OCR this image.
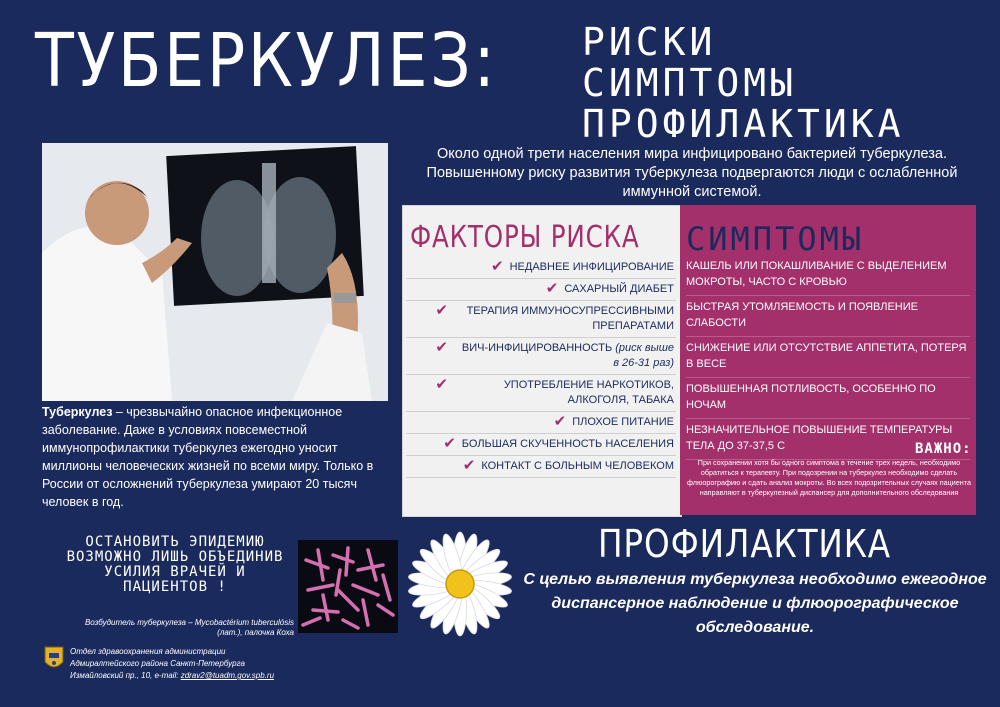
ТУБЕРКУЛЕЗ: РИСКИ
СИМПТОМЫ
ПРОФИЛАКТИКА
Около одной трети населения мира инфицировано бактерией туберкулеза. Повышенному риску развития туберкулеза подвергаются люди с ослабленной иммунной системой.
ФАКТОРЫ РИСКА СИМПТОМЫ
✔ НЕДАВНЕЕ ИНФИЦИРОВАНИЕ
✔ САХАРНЫЙ ДИАБЕТ
✔	ТЕРАПИЯ ИММУНОСУПРЕССИВНЫМИ ПРЕПАРАТАМИ
✔	ВИЧ-ИНФИЦИРОВАННОСТЬ (риск выше в 26-31 раз)
✔	УПОТРЕБЛЕНИЕ НАРКОТИКОВ, АЛКОГОЛЯ, ТАБАКА
✔ ПЛОХОЕ ПИТАНИЕ
✔ БОЛЬШАЯ СКУЧЕННОСТЬ НАСЕЛЕНИЯ
✔ КОНТАКТ С БОЛЬНЫМ ЧЕЛОВЕКОМ
КАШЕЛЬ ИЛИ ПОКАШЛИВАНИЕ С ВЫДЕЛЕНИЕМ МОКРОТЫ, ЧАСТО С КРОВЬЮ
БЫСТРАЯ УТОМЛЯЕМОСТЬ И ПОЯВЛЕНИЕ СЛАБОСТИ
СНИЖЕНИЕ ИЛИ ОТСУТСТВИЕ АППЕТИТА, ПОТЕРЯ В ВЕСЕ
ПОВЫШЕННАЯ ПОТЛИВОСТЬ, ОСОБЕННО ПО НОЧАМ
НЕЗНАЧИТЕЛЬНОЕ ПОВЫШЕНИЕ ТЕМПЕРАТУРЫ ТЕЛА ДО 37-37,5 С	ВАЖНО:
При сохранении хотя бы одного симптома в течение трех недель, необходимо обратиться к терапевту. При подозрении на туберкулез необходимо сделать флюорографию и сдать анализ мокроты. Во всех подозрительных случаях пациента направляют в туберкулезный диспансер для дополнительного обследования
Туберкулез – чрезвычайно опасное инфекционное заболевание. Даже в условиях повсеместной иммунопрофилактики туберкулез ежегодно уносит миллионы человеческих жизней по всеми миру. Только в России от осложнений туберкулеза умирают 20 тысяч человек в год.
ОСТАНОВИТЬ ЭПИДЕМИЮ ВОЗМОЖНО ЛИШЬ ОБЪЕДИНИВ УСИЛИЯ ВРАЧЕЙ И ПАЦИЕНТОВ !
Возбудитель туберкулеза – Mycobactérium tuberculósis (лат.), палочка Коха
Отдел здравоохранения администрации
Адмиралтейского района Санкт-Петербурга
Измайловский пр., 10, e-mail: zdrav2@tuadm.gov.spb.ru
ПРОФИЛАКТИКА
С целью выявления туберкулеза необходимо ежегодное диспансерное наблюдение и флюорографическое обследование.
